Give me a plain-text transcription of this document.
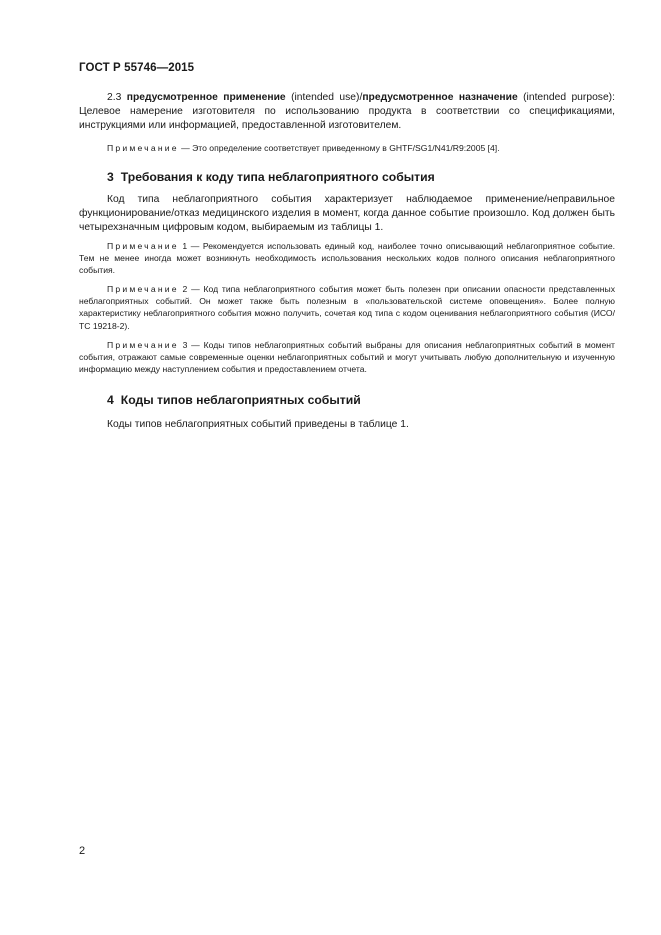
ГОСТ Р 55746—2015

2.3 предусмотренное применение (intended use)/предусмотренное назначение (intended purpose): Целевое намерение изготовителя по использованию продукта в соответствии со спецификациями, инструкциями или информацией, предоставленной изготовителем.

Примечание — Это определение соответствует приведенному в GHTF/SG1/N41/R9:2005 [4].

3 Требования к коду типа неблагоприятного события

Код типа неблагоприятного события характеризует наблюдаемое применение/неправильное функционирование/отказ медицинского изделия в момент, когда данное событие произошло. Код должен быть четырехзначным цифровым кодом, выбираемым из таблицы 1.

Примечание 1 — Рекомендуется использовать единый код, наиболее точно описывающий неблагоприятное событие. Тем не менее иногда может возникнуть необходимость использования нескольких кодов полного описания неблагоприятного события.

Примечание 2 — Код типа неблагоприятного события может быть полезен при описании опасности представленных неблагоприятных событий. Он может также быть полезным в «пользовательской системе оповещения». Более полную характеристику неблагоприятного события можно получить, сочетая код типа с кодом оценивания неблагоприятного события (ИСО/ТС 19218-2).

Примечание 3 — Коды типов неблагоприятных событий выбраны для описания неблагоприятных событий в момент события, отражают самые современные оценки неблагоприятных событий и могут учитывать любую дополнительную и изученную информацию между наступлением события и предоставлением отчета.

4 Коды типов неблагоприятных событий

Коды типов неблагоприятных событий приведены в таблице 1.

2
